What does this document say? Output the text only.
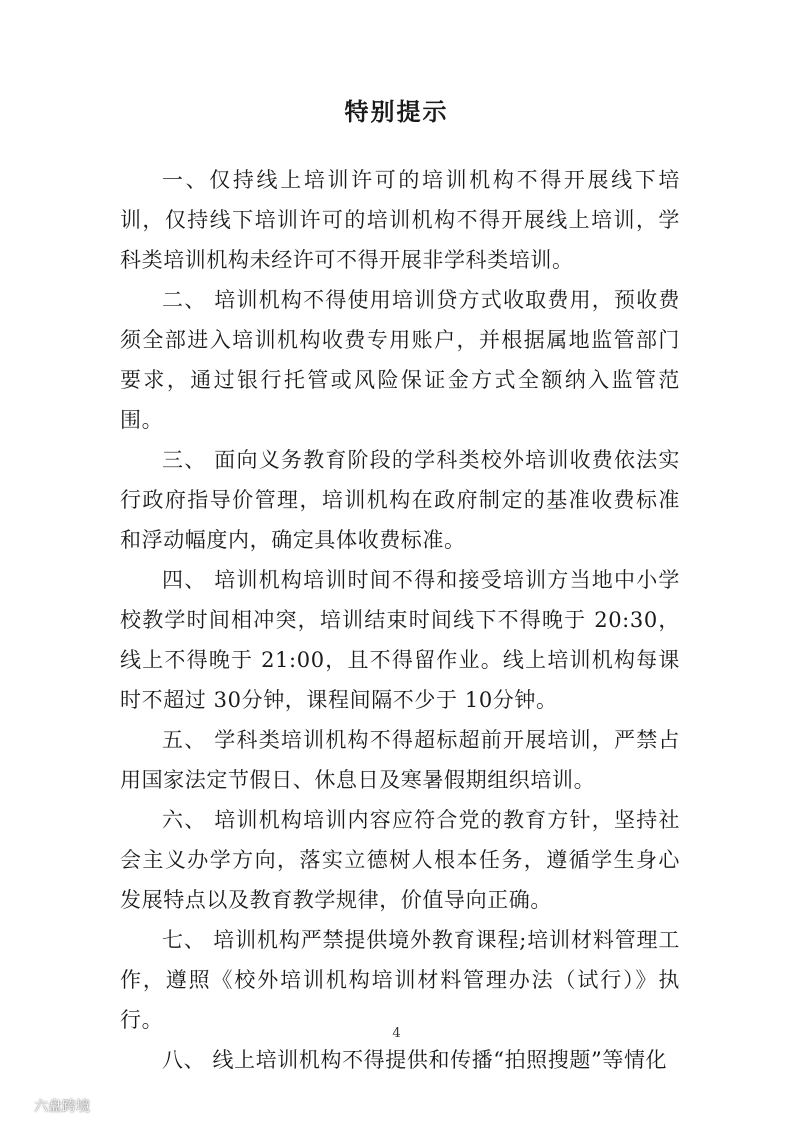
特别提示

一、仅持线上培训许可的培训机构不得开展线下培训，仅持线下培训许可的培训机构不得开展线上培训，学科类培训机构未经许可不得开展非学科类培训。

二、 培训机构不得使用培训贷方式收取费用，预收费须全部进入培训机构收费专用账户，并根据属地监管部门要求，通过银行托管或风险保证金方式全额纳入监管范围。

三、 面向义务教育阶段的学科类校外培训收费依法实行政府指导价管理，培训机构在政府制定的基准收费标准和浮动幅度内，确定具体收费标准。

四、 培训机构培训时间不得和接受培训方当地中小学校教学时间相冲突，培训结束时间线下不得晚于 20:30，线上不得晚于 21:00，且不得留作业。线上培训机构每课时不超过 30分钟，课程间隔不少于 10分钟。

五、 学科类培训机构不得超标超前开展培训，严禁占用国家法定节假日、休息日及寒暑假期组织培训。

六、 培训机构培训内容应符合党的教育方针，坚持社会主义办学方向，落实立德树人根本任务，遵循学生身心发展特点以及教育教学规律，价值导向正确。

七、 培训机构严禁提供境外教育课程;培训材料管理工作，遵照《校外培训机构培训材料管理办法（试行）》执行。

八、 线上培训机构不得提供和传播“拍照搜题”等情化

4
六盘跨境
